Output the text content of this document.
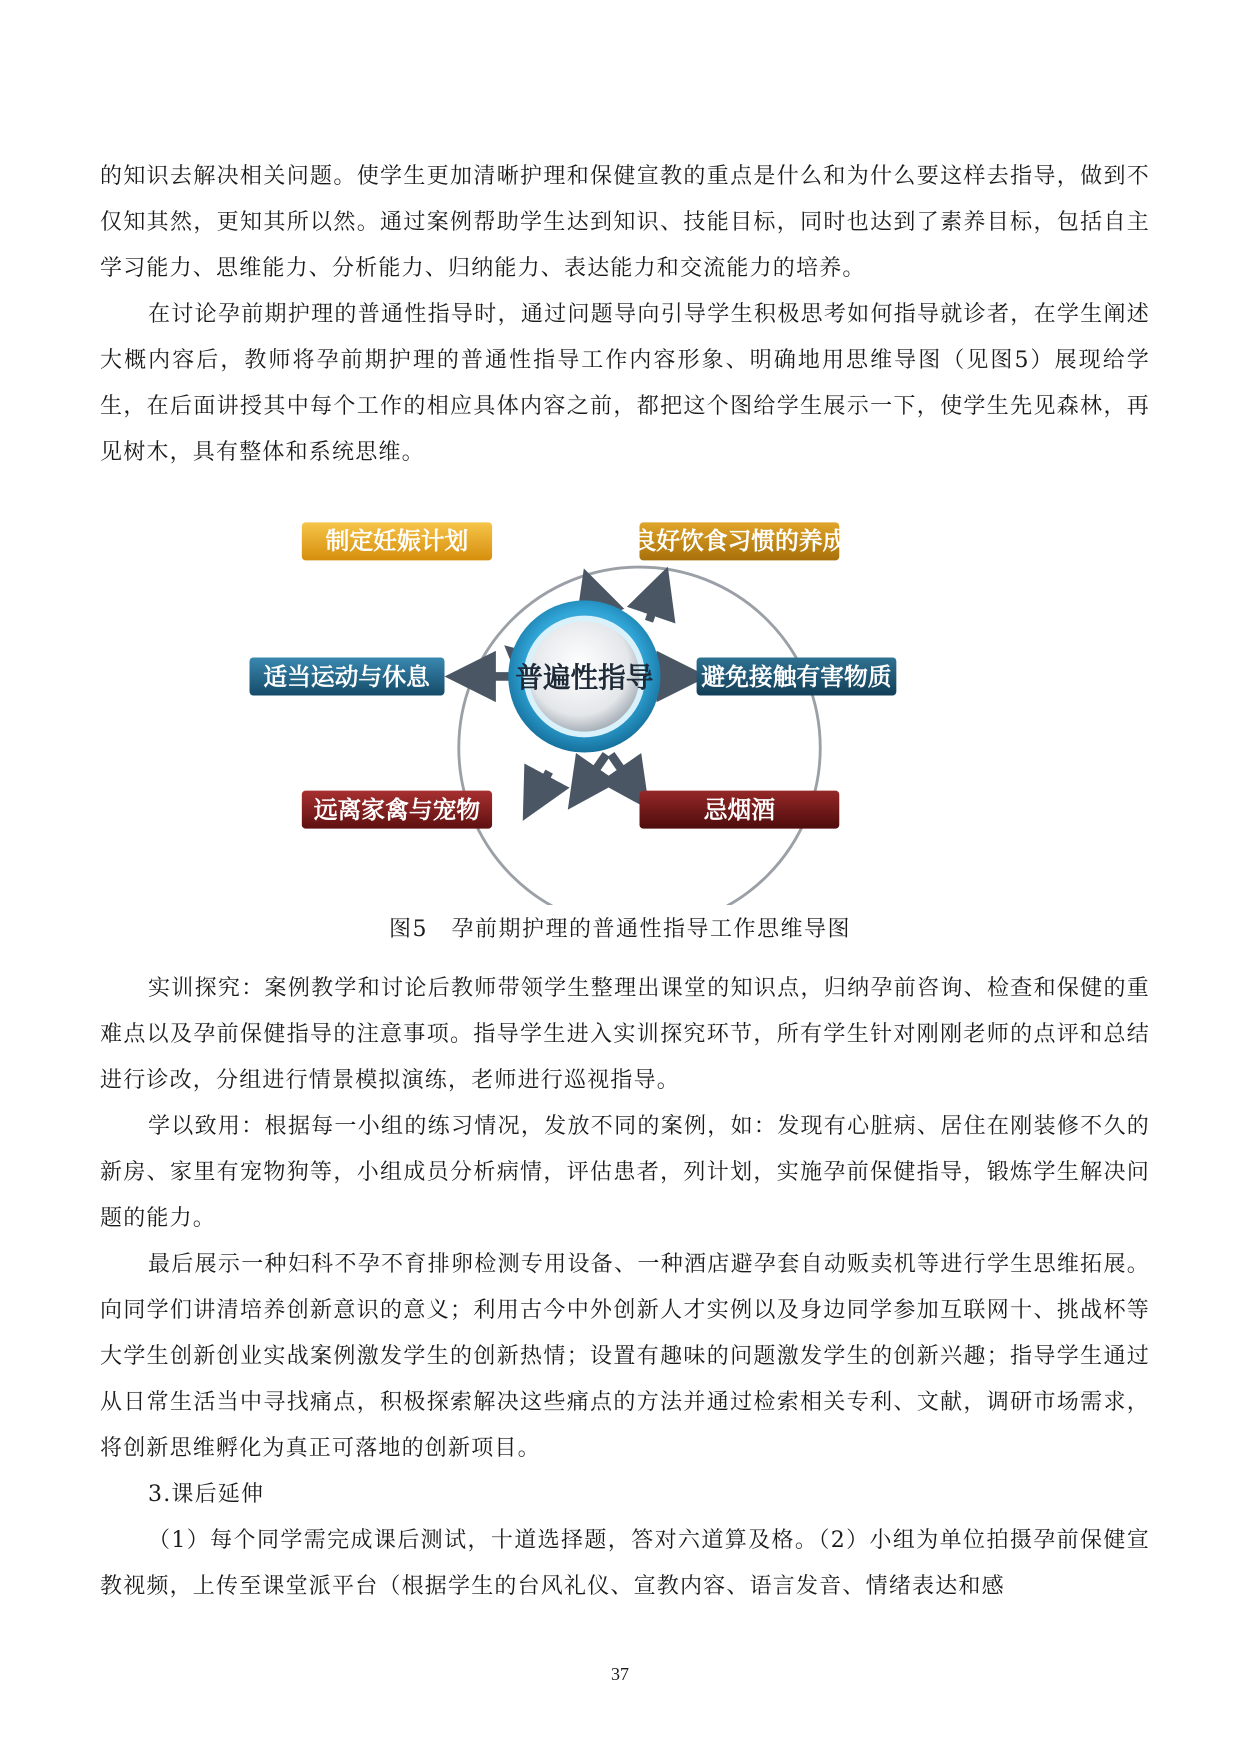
的知识去解决相关问题。使学生更加清晰护理和保健宣教的重点是什么和为什么要这样去指导，做到不仅知其然，更知其所以然。通过案例帮助学生达到知识、技能目标，同时也达到了素养目标，包括自主学习能力、思维能力、分析能力、归纳能力、表达能力和交流能力的培养。

在讨论孕前期护理的普通性指导时，通过问题导向引导学生积极思考如何指导就诊者，在学生阐述大概内容后，教师将孕前期护理的普通性指导工作内容形象、明确地用思维导图（见图5）展现给学生，在后面讲授其中每个工作的相应具体内容之前，都把这个图给学生展示一下，使学生先见森林，再见树木，具有整体和系统思维。

普遍性指导
制定妊娠计划	良好饮食习惯的养成
适当运动与休息	避免接触有害物质
远离家禽与宠物	忌烟酒

图5　孕前期护理的普通性指导工作思维导图

实训探究：案例教学和讨论后教师带领学生整理出课堂的知识点，归纳孕前咨询、检查和保健的重难点以及孕前保健指导的注意事项。指导学生进入实训探究环节，所有学生针对刚刚老师的点评和总结进行诊改，分组进行情景模拟演练，老师进行巡视指导。

学以致用：根据每一小组的练习情况，发放不同的案例，如：发现有心脏病、居住在刚装修不久的新房、家里有宠物狗等，小组成员分析病情，评估患者，列计划，实施孕前保健指导，锻炼学生解决问题的能力。

最后展示一种妇科不孕不育排卵检测专用设备、一种酒店避孕套自动贩卖机等进行学生思维拓展。向同学们讲清培养创新意识的意义；利用古今中外创新人才实例以及身边同学参加互联网十、挑战杯等大学生创新创业实战案例激发学生的创新热情；设置有趣味的问题激发学生的创新兴趣；指导学生通过从日常生活当中寻找痛点，积极探索解决这些痛点的方法并通过检索相关专利、文献，调研市场需求，将创新思维孵化为真正可落地的创新项目。

3.课后延伸

（1）每个同学需完成课后测试，十道选择题，答对六道算及格。（2）小组为单位拍摄孕前保健宣教视频，上传至课堂派平台（根据学生的台风礼仪、宣教内容、语言发音、情绪表达和感

37
